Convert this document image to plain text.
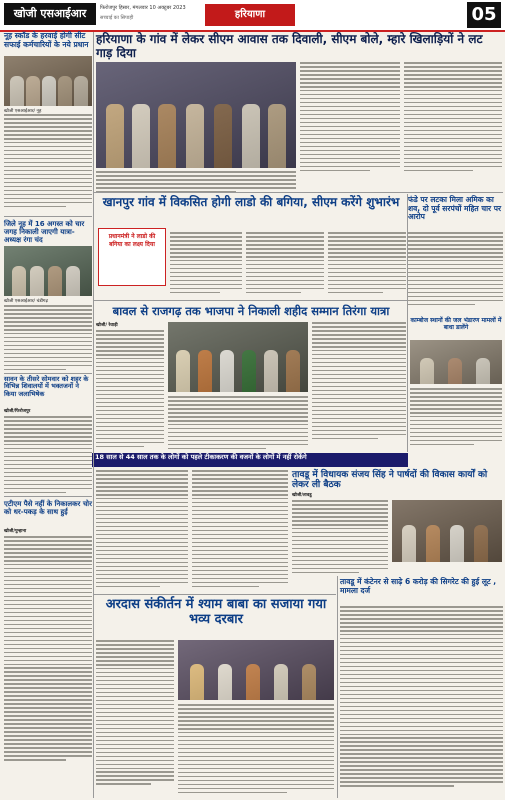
खोजी एसआईआर	फिरोजपुर हिसार, मंगलवार 10 अक्टूबर 2023
सच्चाई का सिपाही	हरियाणा	05
हरियाणा के गांव में लेकर सीएम आवास तक दिवाली, सीएम बोले, म्हारे खिलाड़ियों ने लट गाड़ दिया
नूह स्कॉड के हरवाई होगी सीट सफाई कर्मचारियों के नये प्रधान
खोजी एसआईआर/ नूह
खानपुर गांव में विकसित होगी लाडो की बगिया, सीएम करेंगे शुभारंभ
प्रधानमंत्री ने लाडो की बगिया का लक्ष्य दिया
फंडे पर लटका मिला अमिक का शव, दो पूर्व सरपंचों महित चार पर आरोप
बावल से राजगढ़ तक भाजपा ने निकाली शहीद सम्मान तिरंगा यात्रा
खोजी/ रेवाड़ी
काम्बोज स्थानों की जल भंडारण मामलों में बाधा डालेंगे
जिले नूह में 16 अगस्त को चार जगह निकाली जाएगी यात्रा- अध्यक्ष रंगा चंद
खोजी एसआईआर/ चंडीगढ़
सावन के तीसरे सोमवार को शहर के विभिन्न शिवालयों में भक्तजनों ने किया जलाभिषेक
खोजी/फिरोजपुर
एटीएम पैसे नहीं के निकालकर चोर को धर-पकड़ के साथ हुई
खोजी/पुन्हाना
18 साल से 44 साल तक के लोगों को पहले टीकाकरण की वजनों के लोगों में नहीं रोकेंगे
तावडू में विधायक संजय सिंह ने पार्षदों की विकास कार्यों को लेकर ली बैठक
खोजी/तावडू
तावडू में कंटेनर से साढ़े 6 करोड़ की सिगरेट की हुई लूट , मामला दर्ज
अरदास संकीर्तन में श्याम बाबा का सजाया गया भव्य दरबार
